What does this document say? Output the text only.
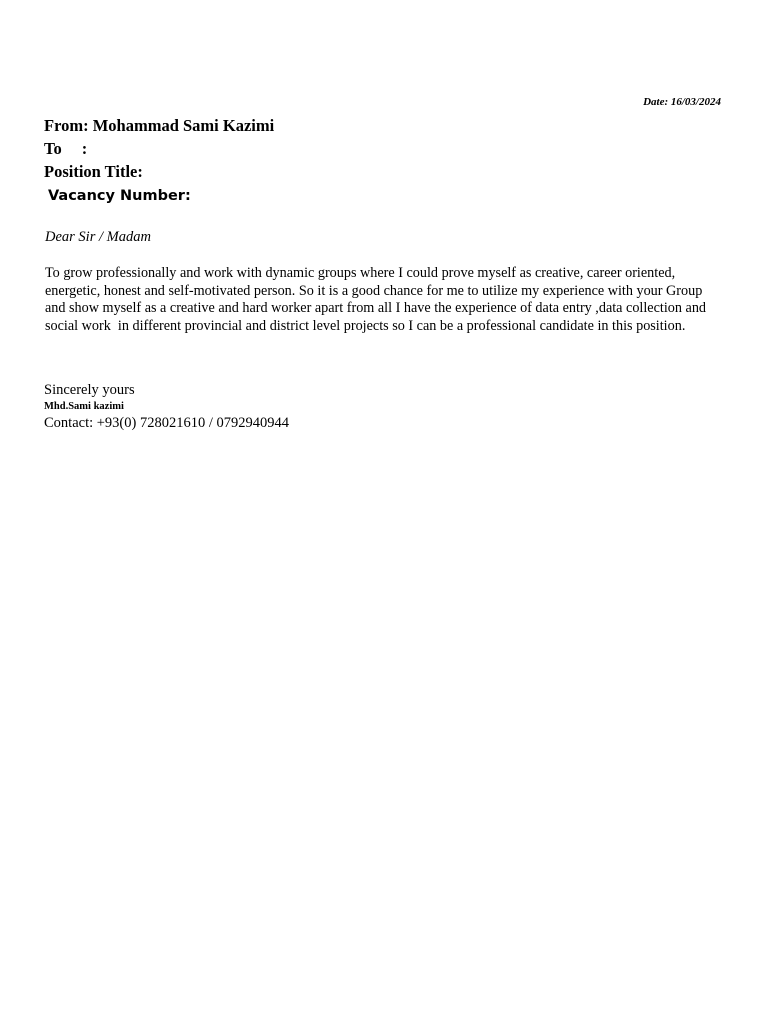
Date: 16/03/2024
From: Mohammad Sami Kazimi
To :
Position Title:
Vacancy Number:
Dear Sir / Madam
To grow professionally and work with dynamic groups where I could prove myself as creative, career oriented,
energetic, honest and self-motivated person. So it is a good chance for me to utilize my experience with your Group
and show myself as a creative and hard worker apart from all I have the experience of data entry ,data collection and
social work  in different provincial and district level projects so I can be a professional candidate in this position.
Sincerely yours
Mhd.Sami kazimi
Contact: +93(0) 728021610 / 0792940944
